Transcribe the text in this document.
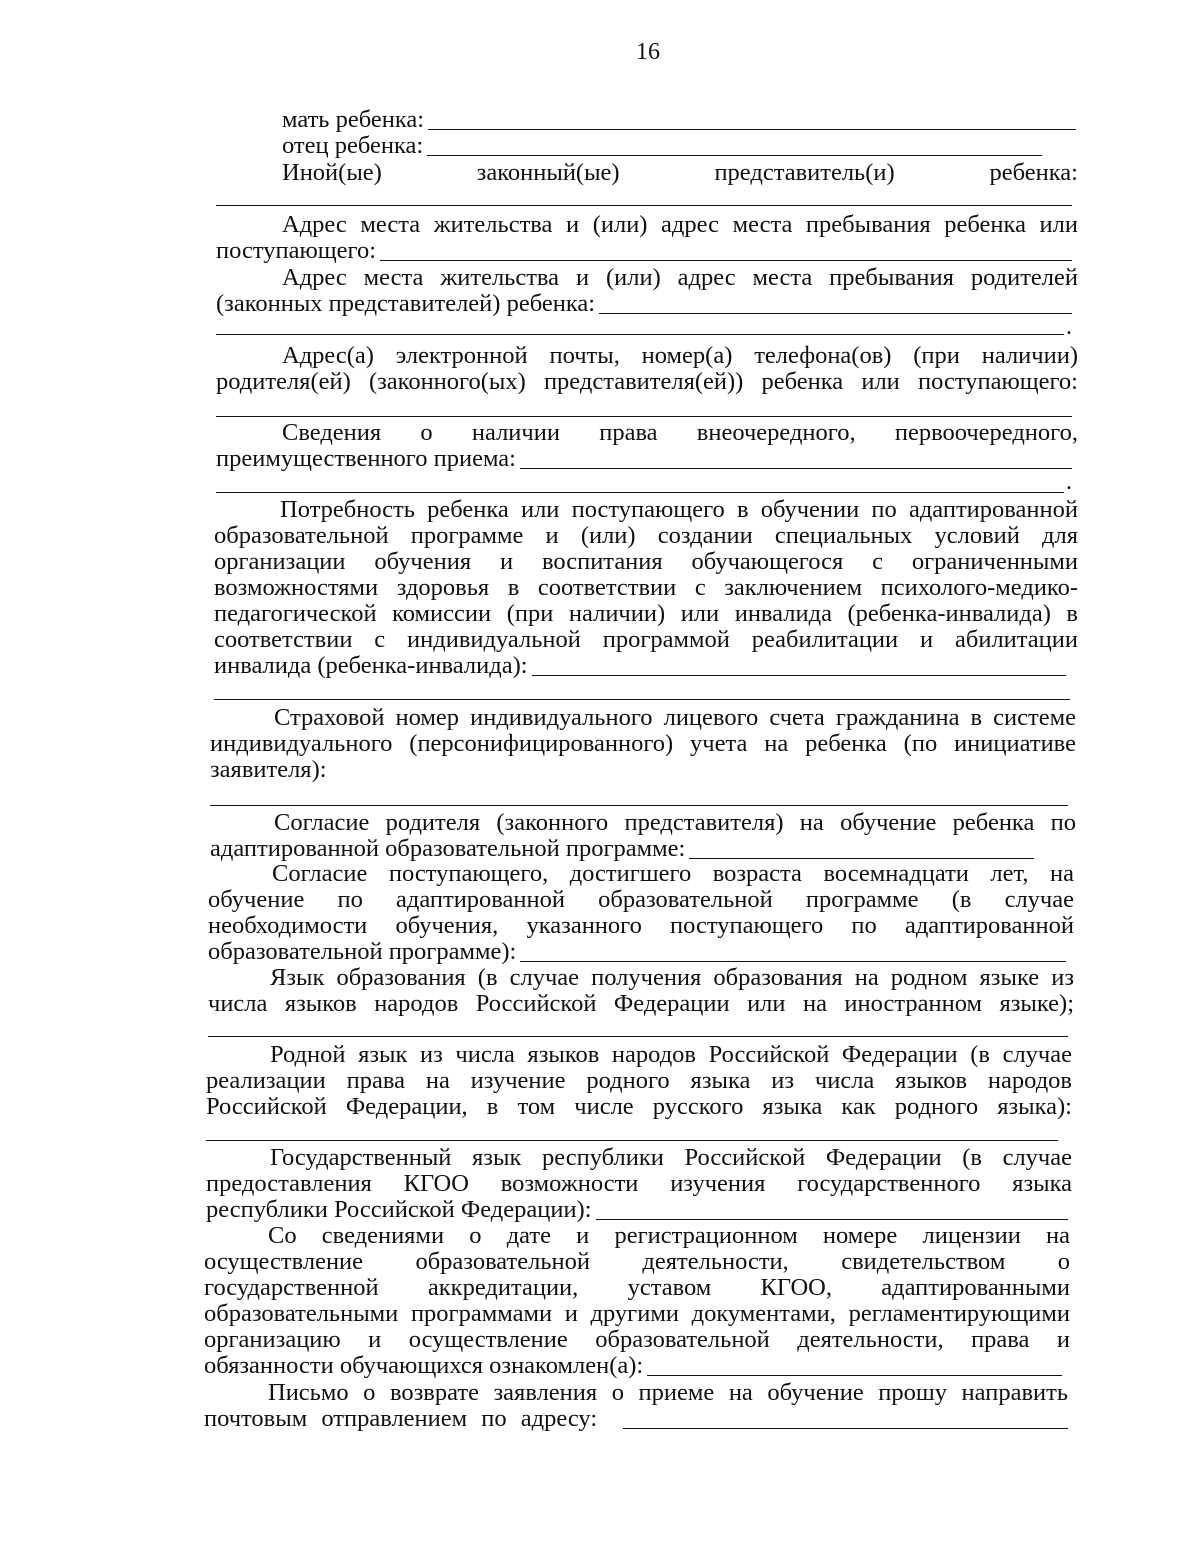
16
мать ребенка:
отец ребенка:
Иной(ые)	законный(ые)	представитель(и)	ребенка:
Адрес места жительства и (или) адрес места пребывания ребенка или
поступающего:
Адрес места жительства и (или) адрес места пребывания родителей
(законных представителей) ребенка:
.
Адрес(а) электронной почты, номер(а) телефона(ов) (при наличии)
родителя(ей) (законного(ых) представителя(ей)) ребенка или поступающего:
Сведения о наличии права внеочередного, первоочередного,
преимущественного приема:
.
Потребность ребенка или поступающего в обучении по адаптированной
образовательной программе и (или) создании специальных условий для
организации обучения и воспитания обучающегося с ограниченными
возможностями здоровья в соответствии с заключением психолого-медико-
педагогической комиссии (при наличии) или инвалида (ребенка-инвалида) в
соответствии с индивидуальной программой реабилитации и абилитации
инвалида (ребенка-инвалида):
Страховой номер индивидуального лицевого счета гражданина в системе
индивидуального (персонифицированного) учета на ребенка (по инициативе
заявителя):
Согласие родителя (законного представителя) на обучение ребенка по
адаптированной образовательной программе:
Согласие поступающего, достигшего возраста восемнадцати лет, на
обучение по адаптированной образовательной программе (в случае
необходимости обучения, указанного поступающего по адаптированной
образовательной программе):
Язык образования (в случае получения образования на родном языке из
числа языков народов Российской Федерации или на иностранном языке);
Родной язык из числа языков народов Российской Федерации (в случае
реализации права на изучение родного языка из числа языков народов
Российской Федерации, в том числе русского языка как родного языка):
Государственный язык республики Российской Федерации (в случае
предоставления КГОО возможности изучения государственного языка
республики Российской Федерации):
Со сведениями о дате и регистрационном номере лицензии на
осуществление образовательной деятельности, свидетельством о
государственной аккредитации, уставом КГОО, адаптированными
образовательными программами и другими документами, регламентирующими
организацию и осуществление образовательной деятельности, права и
обязанности обучающихся ознакомлен(а):
Письмо о возврате заявления о приеме на обучение прошу направить
почтовым отправлением по адресу:
